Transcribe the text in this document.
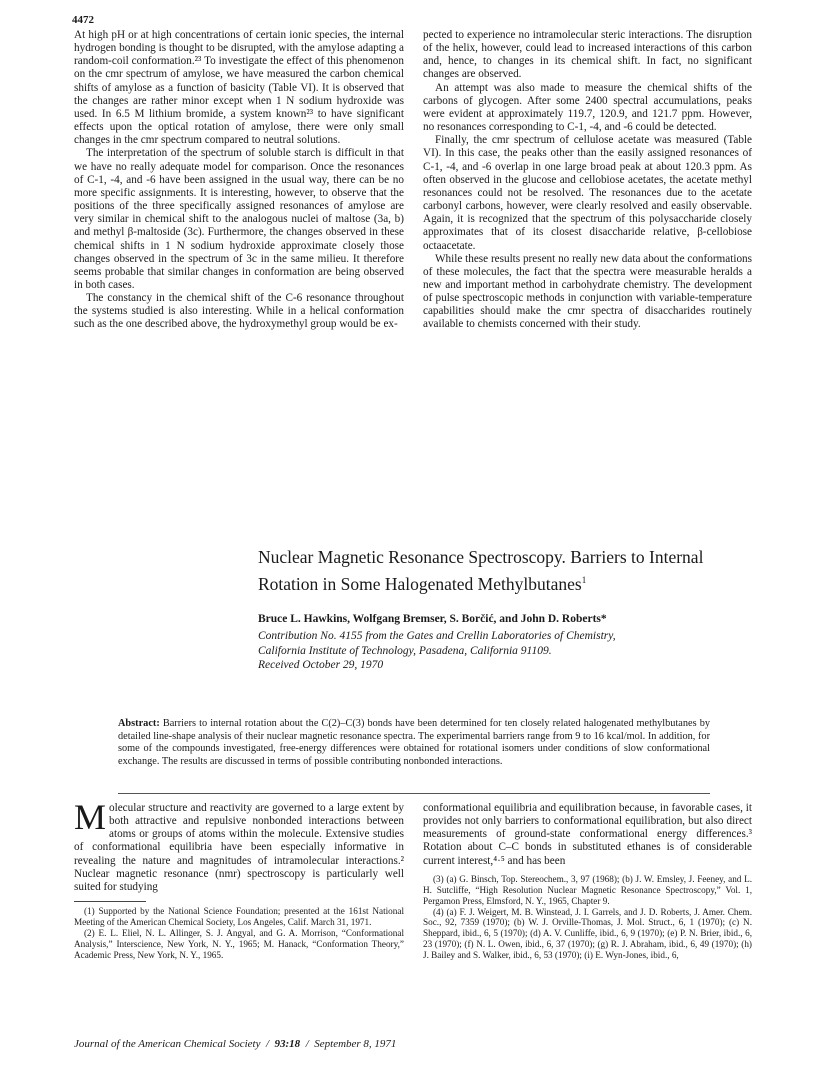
4472

At high pH or at high concentrations of certain ionic species, the internal hydrogen bonding is thought to be disrupted, with the amylose adapting a random-coil conformation.²³ To investigate the effect of this phenomenon on the cmr spectrum of amylose, we have measured the carbon chemical shifts of amylose as a function of basicity (Table VI). It is observed that the changes are rather minor except when 1 N sodium hydroxide was used. In 6.5 M lithium bromide, a system known²³ to have significant effects upon the optical rotation of amylose, there were only small changes in the cmr spectrum compared to neutral solutions.

The interpretation of the spectrum of soluble starch is difficult in that we have no really adequate model for comparison. Once the resonances of C-1, -4, and -6 have been assigned in the usual way, there can be no more specific assignments. It is interesting, however, to observe that the positions of the three specifically assigned resonances of amylose are very similar in chemical shift to the analogous nuclei of maltose (3a, b) and methyl β-maltoside (3c). Furthermore, the changes observed in these chemical shifts in 1 N sodium hydroxide approximate closely those changes observed in the spectrum of 3c in the same milieu. It therefore seems probable that similar changes in conformation are being observed in both cases.

The constancy in the chemical shift of the C-6 resonance throughout the systems studied is also interesting. While in a helical conformation such as the one described above, the hydroxymethyl group would be ex-

pected to experience no intramolecular steric interactions. The disruption of the helix, however, could lead to increased interactions of this carbon and, hence, to changes in its chemical shift. In fact, no significant changes are observed.

An attempt was also made to measure the chemical shifts of the carbons of glycogen. After some 2400 spectral accumulations, peaks were evident at approximately 119.7, 120.9, and 121.7 ppm. However, no resonances corresponding to C-1, -4, and -6 could be detected.

Finally, the cmr spectrum of cellulose acetate was measured (Table VI). In this case, the peaks other than the easily assigned resonances of C-1, -4, and -6 overlap in one large broad peak at about 120.3 ppm. As often observed in the glucose and cellobiose acetates, the acetate methyl resonances could not be resolved. The resonances due to the acetate carbonyl carbons, however, were clearly resolved and easily observable. Again, it is recognized that the spectrum of this polysaccharide closely approximates that of its closest disaccharide relative, β-cellobiose octaacetate.

While these results present no really new data about the conformations of these molecules, the fact that the spectra were measurable heralds a new and important method in carbohydrate chemistry. The development of pulse spectroscopic methods in conjunction with variable-temperature capabilities should make the cmr spectra of disaccharides routinely available to chemists concerned with their study.

Nuclear Magnetic Resonance Spectroscopy. Barriers to Internal
Rotation in Some Halogenated Methylbutanes$^1$
Bruce L. Hawkins, Wolfgang Bremser, S. Borčić, and John D. Roberts*
Contribution No. 4155 from the Gates and Crellin Laboratories of Chemistry,
California Institute of Technology, Pasadena, California 91109.
Received October 29, 1970
Abstract: Barriers to internal rotation about the C(2)–C(3) bonds have been determined for ten closely related halogenated methylbutanes by detailed line-shape analysis of their nuclear magnetic resonance spectra. The experimental barriers range from 9 to 16 kcal/mol. In addition, for some of the compounds investigated, free-energy differences were obtained for rotational isomers under conditions of slow conformational exchange. The results are discussed in terms of possible contributing nonbonded interactions.

Molecular structure and reactivity are governed to a large extent by both attractive and repulsive nonbonded interactions between atoms or groups of atoms within the molecule. Extensive studies of conformational equilibria have been especially informative in revealing the nature and magnitudes of intramolecular interactions.² Nuclear magnetic resonance (nmr) spectroscopy is particularly well suited for studying

(1) Supported by the National Science Foundation; presented at the 161st National Meeting of the American Chemical Society, Los Angeles, Calif. March 31, 1971.

(2) E. L. Eliel, N. L. Allinger, S. J. Angyal, and G. A. Morrison, “Conformational Analysis,” Interscience, New York, N. Y., 1965; M. Hanack, “Conformation Theory,” Academic Press, New York, N. Y., 1965.

conformational equilibria and equilibration because, in favorable cases, it provides not only barriers to conformational equilibration, but also direct measurements of ground-state conformational energy differences.³ Rotation about C–C bonds in substituted ethanes is of considerable current interest,⁴·⁵ and has been

(3) (a) G. Binsch, Top. Stereochem., 3, 97 (1968); (b) J. W. Emsley, J. Feeney, and L. H. Sutcliffe, “High Resolution Nuclear Magnetic Resonance Spectroscopy,” Vol. 1, Pergamon Press, Elmsford, N. Y., 1965, Chapter 9.

(4) (a) F. J. Weigert, M. B. Winstead, J. I. Garrels, and J. D. Roberts, J. Amer. Chem. Soc., 92, 7359 (1970); (b) W. J. Orville-Thomas, J. Mol. Struct., 6, 1 (1970); (c) N. Sheppard, ibid., 6, 5 (1970); (d) A. V. Cunliffe, ibid., 6, 9 (1970); (e) P. N. Brier, ibid., 6, 23 (1970); (f) N. L. Owen, ibid., 6, 37 (1970); (g) R. J. Abraham, ibid., 6, 49 (1970); (h) J. Bailey and S. Walker, ibid., 6, 53 (1970); (i) E. Wyn-Jones, ibid., 6,

Journal of the American Chemical Society / 93:18 / September 8, 1971
